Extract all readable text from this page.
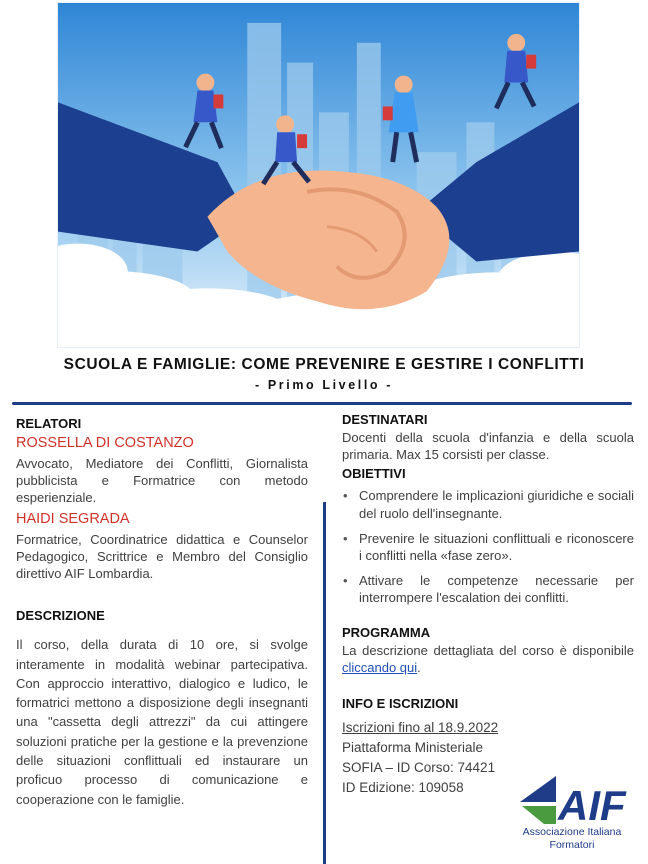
SCUOLA E FAMIGLIE: COME PREVENIRE E GESTIRE I CONFLITTI
- Primo Livello -
RELATORI
ROSSELLA DI COSTANZO
Avvocato, Mediatore dei Conflitti, Giornalista pubblicista e Formatrice con metodo esperienziale.
HAIDI SEGRADA
Formatrice, Coordinatrice didattica e Counselor Pedagogico, Scrittrice e Membro del Consiglio direttivo AIF Lombardia.
DESCRIZIONE
Il corso, della durata di 10 ore, si svolge interamente in modalità webinar partecipativa. Con approccio interattivo, dialogico e ludico, le formatrici mettono a disposizione degli insegnanti una "cassetta degli attrezzi" da cui attingere soluzioni pratiche per la gestione e la prevenzione delle situazioni conflittuali ed instaurare un proficuo processo di comunicazione e cooperazione con le famiglie.
DESTINATARI
Docenti della scuola d'infanzia e della scuola primaria. Max 15 corsisti per classe.
OBIETTIVI
• Comprendere le implicazioni giuridiche e sociali del ruolo dell'insegnante.
• Prevenire le situazioni conflittuali e riconoscere i conflitti nella «fase zero».
• Attivare le competenze necessarie per interrompere l'escalation dei conflitti.
PROGRAMMA
La descrizione dettagliata del corso è disponibile cliccando qui.
INFO E ISCRIZIONI
Iscrizioni fino al 18.9.2022
Piattaforma Ministeriale
SOFIA – ID Corso: 74421
ID Edizione: 109058	AIF
Associazione Italiana
Formatori
